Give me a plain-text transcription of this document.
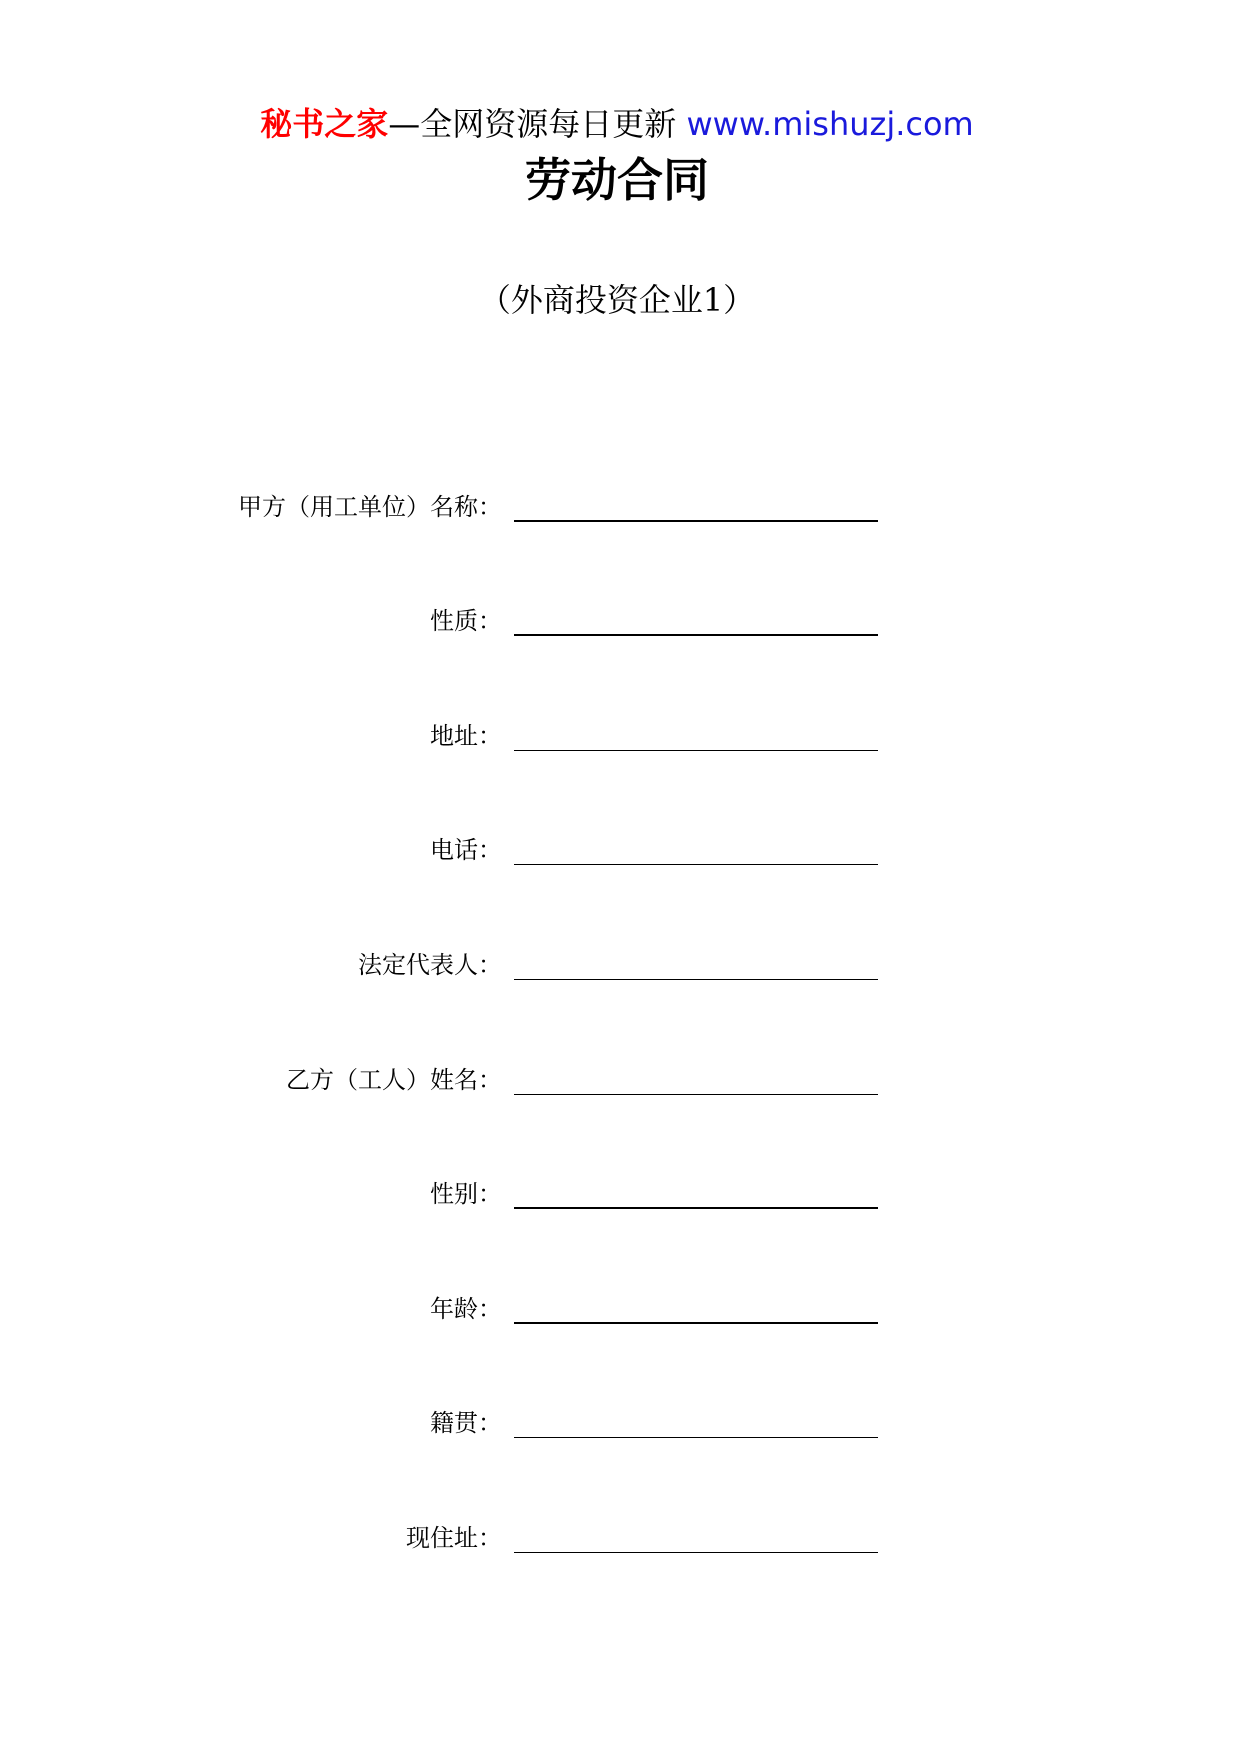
秘书之家—全网资源每日更新 www.mishuzj.com
劳动合同
（外商投资企业1）
甲方（用工单位）名称：
性质：
地址：
电话：
法定代表人：
乙方（工人）姓名：
性别：
年龄：
籍贯：
现住址：
